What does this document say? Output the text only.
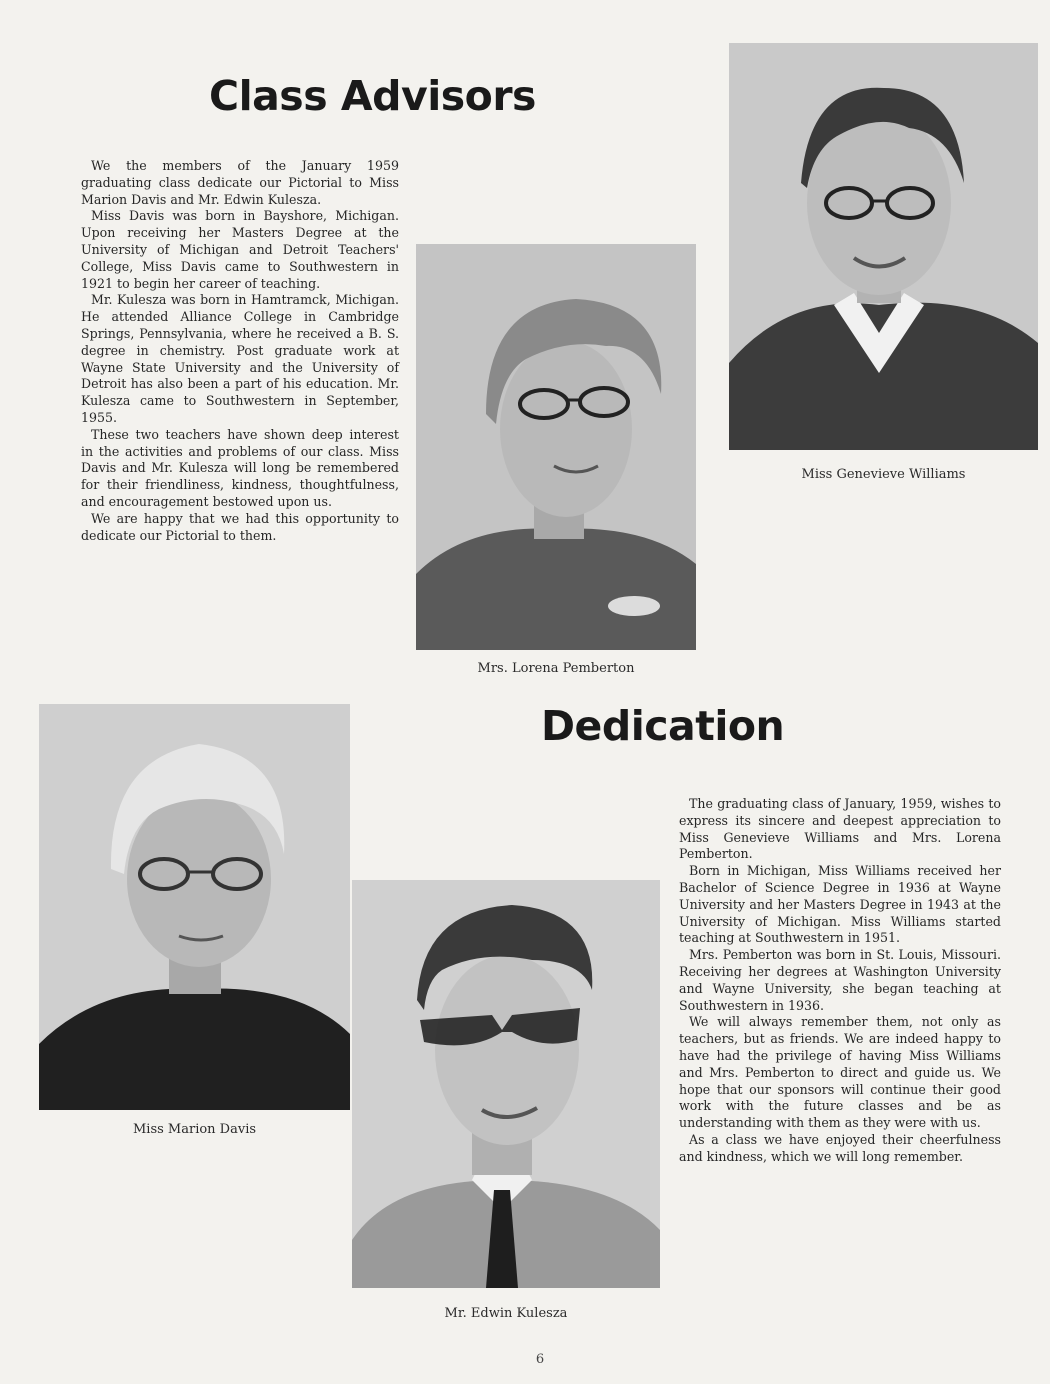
Class Advisors

We the members of the January 1959 graduating class dedicate our Pictorial to Miss Marion Davis and Mr. Edwin Kulesza.

Miss Davis was born in Bayshore, Michigan. Upon receiving her Masters Degree at the University of Michigan and Detroit Teachers' College, Miss Davis came to Southwestern in 1921 to begin her career of teaching.

Mr. Kulesza was born in Hamtramck, Michigan. He attended Alliance College in Cambridge Springs, Pennsylvania, where he received a B. S. degree in chemistry. Post graduate work at Wayne State University and the University of Detroit has also been a part of his education. Mr. Kulesza came to Southwestern in September, 1955.

These two teachers have shown deep interest in the activities and problems of our class. Miss Davis and Mr. Kulesza will long be remembered for their friendliness, kindness, thoughtfulness, and encouragement bestowed upon us.

We are happy that we had this opportunity to dedicate our Pictorial to them.

Miss Genevieve Williams
Mrs. Lorena Pemberton
Dedication
Miss Marion Davis
Mr. Edwin Kulesza

The graduating class of January, 1959, wishes to express its sincere and deepest appreciation to Miss Genevieve Williams and Mrs. Lorena Pemberton.

Born in Michigan, Miss Williams received her Bachelor of Science Degree in 1936 at Wayne University and her Masters Degree in 1943 at the University of Michigan. Miss Williams started teaching at Southwestern in 1951.

Mrs. Pemberton was born in St. Louis, Missouri. Receiving her degrees at Washington University and Wayne University, she began teaching at Southwestern in 1936.

We will always remember them, not only as teachers, but as friends. We are indeed happy to have had the privilege of having Miss Williams and Mrs. Pemberton to direct and guide us. We hope that our sponsors will continue their good work with the future classes and be as understanding with them as they were with us.

As a class we have enjoyed their cheerfulness and kindness, which we will long remember.

6
